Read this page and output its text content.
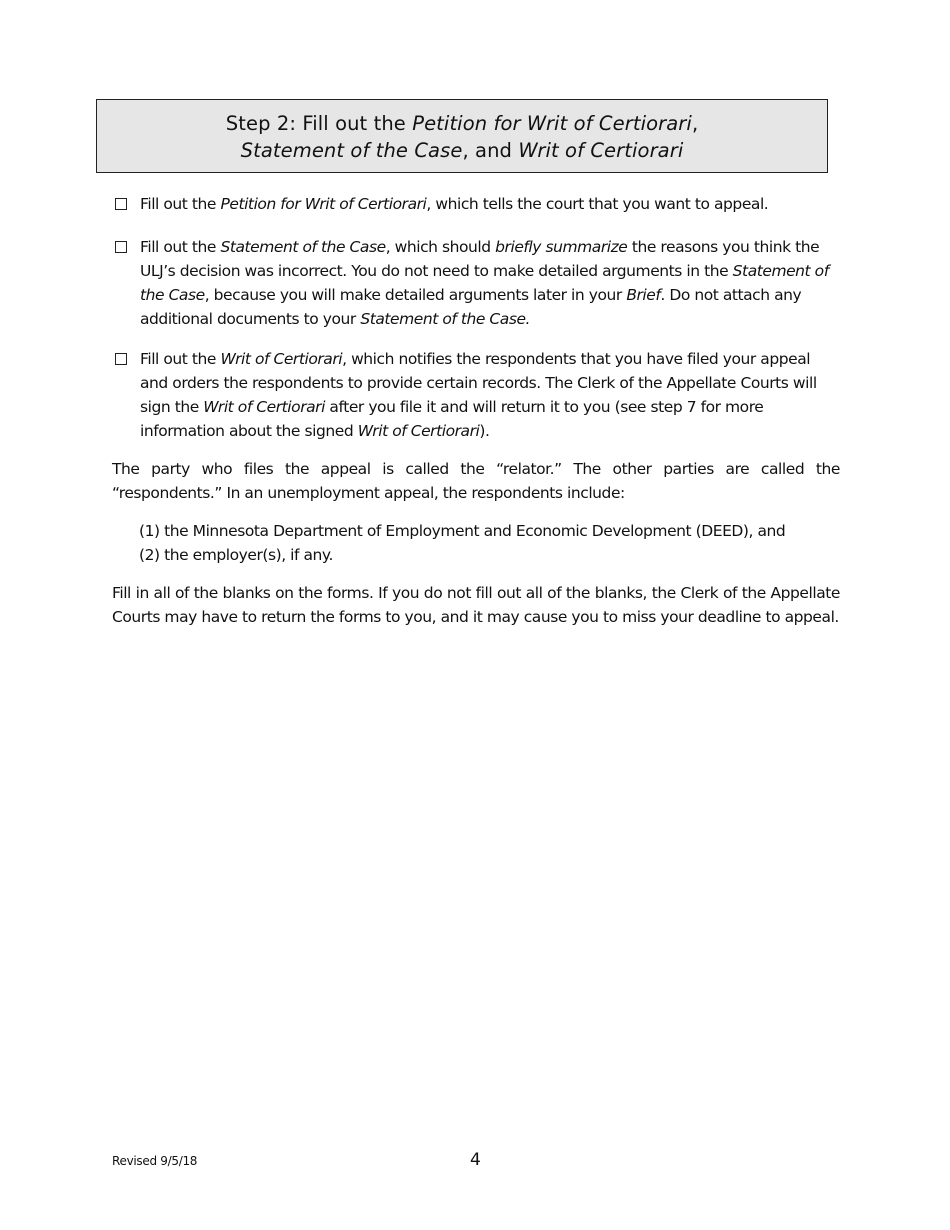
Step 2: Fill out the Petition for Writ of Certiorari,
Statement of the Case, and Writ of Certiorari
Fill out the Petition for Writ of Certiorari, which tells the court that you want to appeal.
Fill out the Statement of the Case, which should briefly summarize the reasons you think the ULJ’s decision was incorrect. You do not need to make detailed arguments in the Statement of the Case, because you will make detailed arguments later in your Brief. Do not attach any additional documents to your Statement of the Case.
Fill out the Writ of Certiorari, which notifies the respondents that you have filed your appeal and orders the respondents to provide certain records. The Clerk of the Appellate Courts will sign the Writ of Certiorari after you file it and will return it to you (see step 7 for more information about the signed Writ of Certiorari).
The party who files the appeal is called the “relator.” The other parties are called the “respondents.” In an unemployment appeal, the respondents include:
(1) the Minnesota Department of Employment and Economic Development (DEED), and
(2) the employer(s), if any.
Fill in all of the blanks on the forms. If you do not fill out all of the blanks, the Clerk of the Appellate Courts may have to return the forms to you, and it may cause you to miss your deadline to appeal.
Revised 9/5/18	4
